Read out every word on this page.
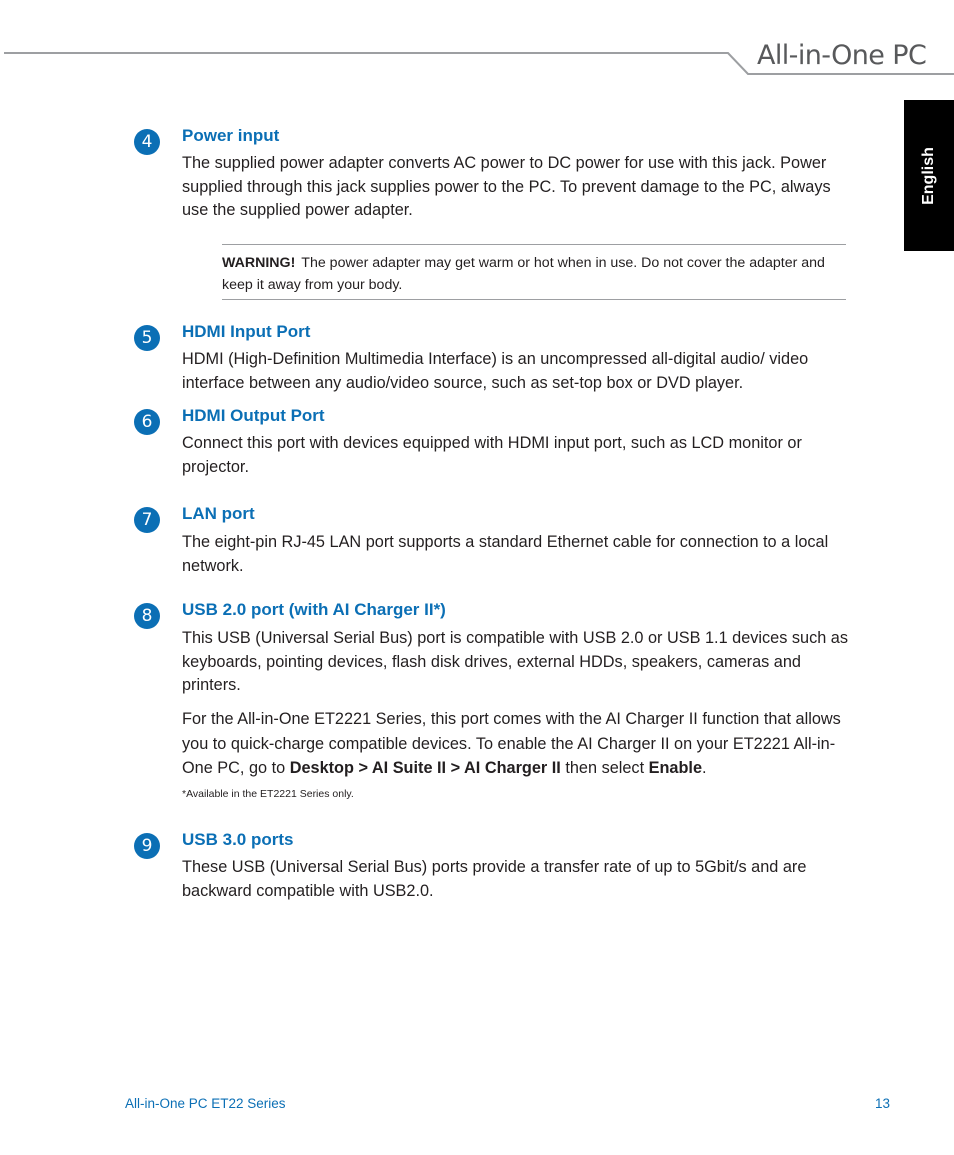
All-in-One PC
English
4	Power input

The supplied power adapter converts AC power to DC power for use with this jack. Power supplied through this jack supplies power to the PC. To prevent damage to the PC, always use the supplied power adapter.

WARNING! The power adapter may get warm or hot when in use. Do not cover the adapter and keep it away from your body.
5	HDMI Input Port

HDMI (High-Definition Multimedia Interface) is an uncompressed all-digital audio/ video interface between any audio/video source, such as set-top box or DVD player.

6	HDMI Output Port

Connect this port with devices equipped with HDMI input port, such as LCD monitor or projector.

7	LAN port

The eight-pin RJ-45 LAN port supports a standard Ethernet cable for connection to a local network.

8	USB 2.0 port (with AI Charger II*)

This USB (Universal Serial Bus) port is compatible with USB 2.0 or USB 1.1 devices such as keyboards, pointing devices, flash disk drives, external HDDs, speakers, cameras and printers.

For the All-in-One ET2221 Series, this port comes with the AI Charger II function that allows you to quick-charge compatible devices. To enable the AI Charger II on your ET2221 All-in-One PC, go to Desktop > AI Suite II > AI Charger II then select Enable.

*Available in the ET2221 Series only.
9	USB 3.0 ports

These USB (Universal Serial Bus) ports provide a transfer rate of up to 5Gbit/s and are backward compatible with USB2.0.

All-in-One PC ET22 Series	13
